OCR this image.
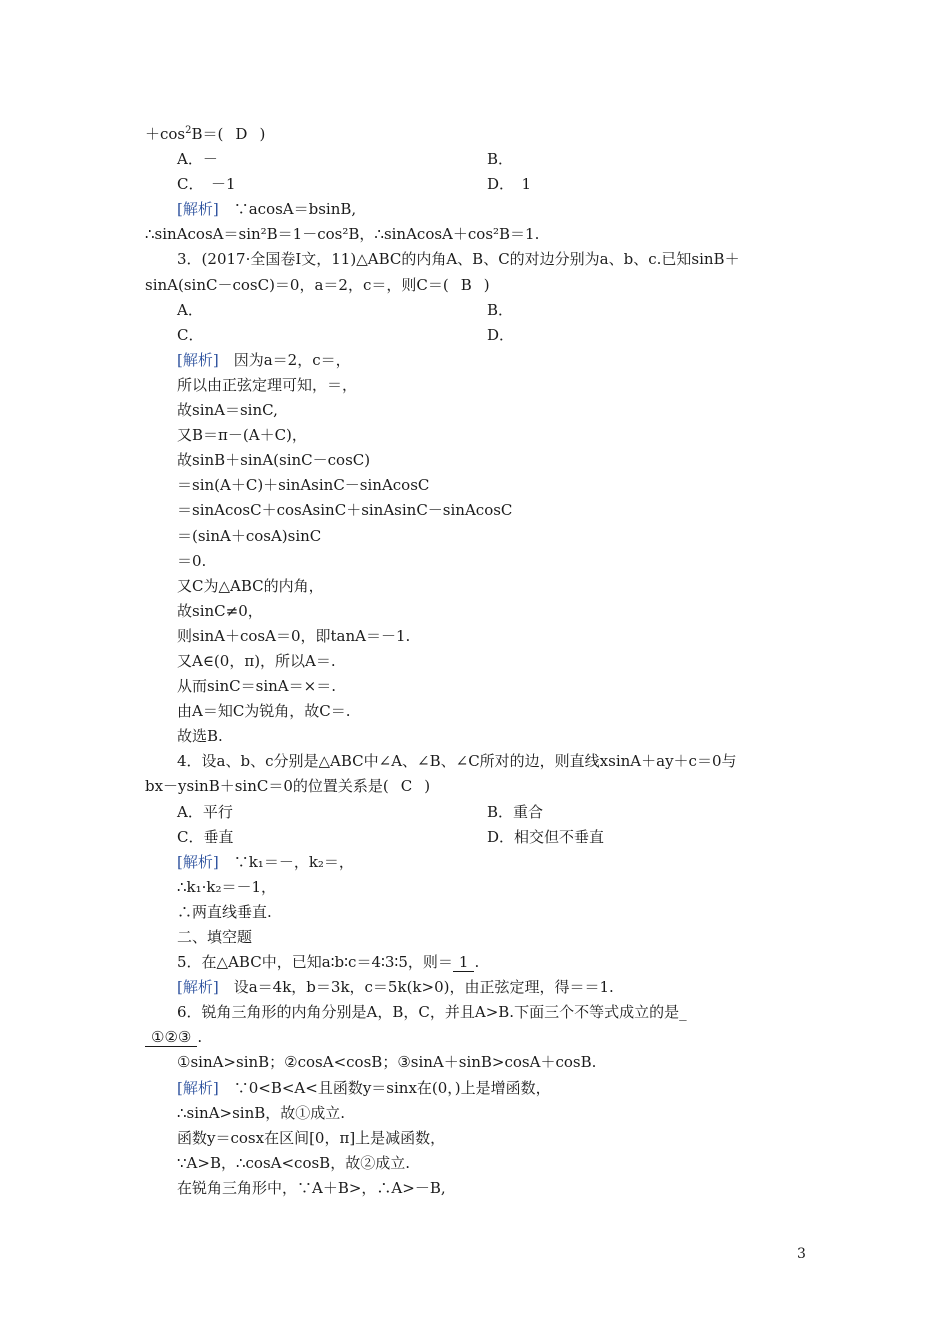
$+\cos^2B=$( D )
A．－	B．
C．　－1	D．　1
[解析]　∵acosA＝bsinB,
∴sinAcosA＝sin²B＝1－cos²B，∴sinAcosA＋cos²B＝1.
3．(2017·全国卷Ⅰ文，11)△ABC的内角A、B、C的对边分别为a、b、c.已知sinB＋
sinA(sinC－cosC)＝0，a＝2，c＝，则C＝( B )
A．	B．
C．	D．
[解析]　因为a＝2，c＝，
所以由正弦定理可知，＝，
故sinA＝sinC,
又B＝π－(A＋C)，
故sinB＋sinA(sinC－cosC)
＝sin(A＋C)＋sinAsinC－sinAcosC
＝sinAcosC＋cosAsinC＋sinAsinC－sinAcosC
＝(sinA＋cosA)sinC
＝0.
又C为△ABC的内角，
故sinC≠0，
则sinA＋cosA＝0，即tanA＝－1.
又A∈(0，π)，所以A＝.
从而sinC＝sinA＝×＝.
由A＝知C为锐角，故C＝.
故选B.
4．设a、b、c分别是△ABC中∠A、∠B、∠C所对的边，则直线xsinA＋ay＋c＝0与
bx－ysinB＋sinC＝0的位置关系是( C )
A．平行	B．重合
C．垂直	D．相交但不垂直
[解析]　∵k₁＝－，k₂＝，
∴k₁·k₂＝－1，
∴两直线垂直.
二、填空题
5．在△ABC中，已知a∶b∶c＝4∶3∶5，则＝ 1 .
[解析]　设a＝4k，b＝3k，c＝5k(k>0)，由正弦定理，得＝＝1.
6．锐角三角形的内角分别是A，B，C，并且A>B.下面三个不等式成立的是_
①②③ .
①sinA>sinB；②cosA<cosB；③sinA＋sinB>cosA＋cosB.
[解析]　∵0<B<A<且函数y＝sinx在(0，)上是增函数，
∴sinA>sinB，故①成立.
函数y＝cosx在区间[0，π]上是减函数，
∵A>B，∴cosA<cosB，故②成立.
在锐角三角形中，∵A＋B>，∴A>－B,
3
